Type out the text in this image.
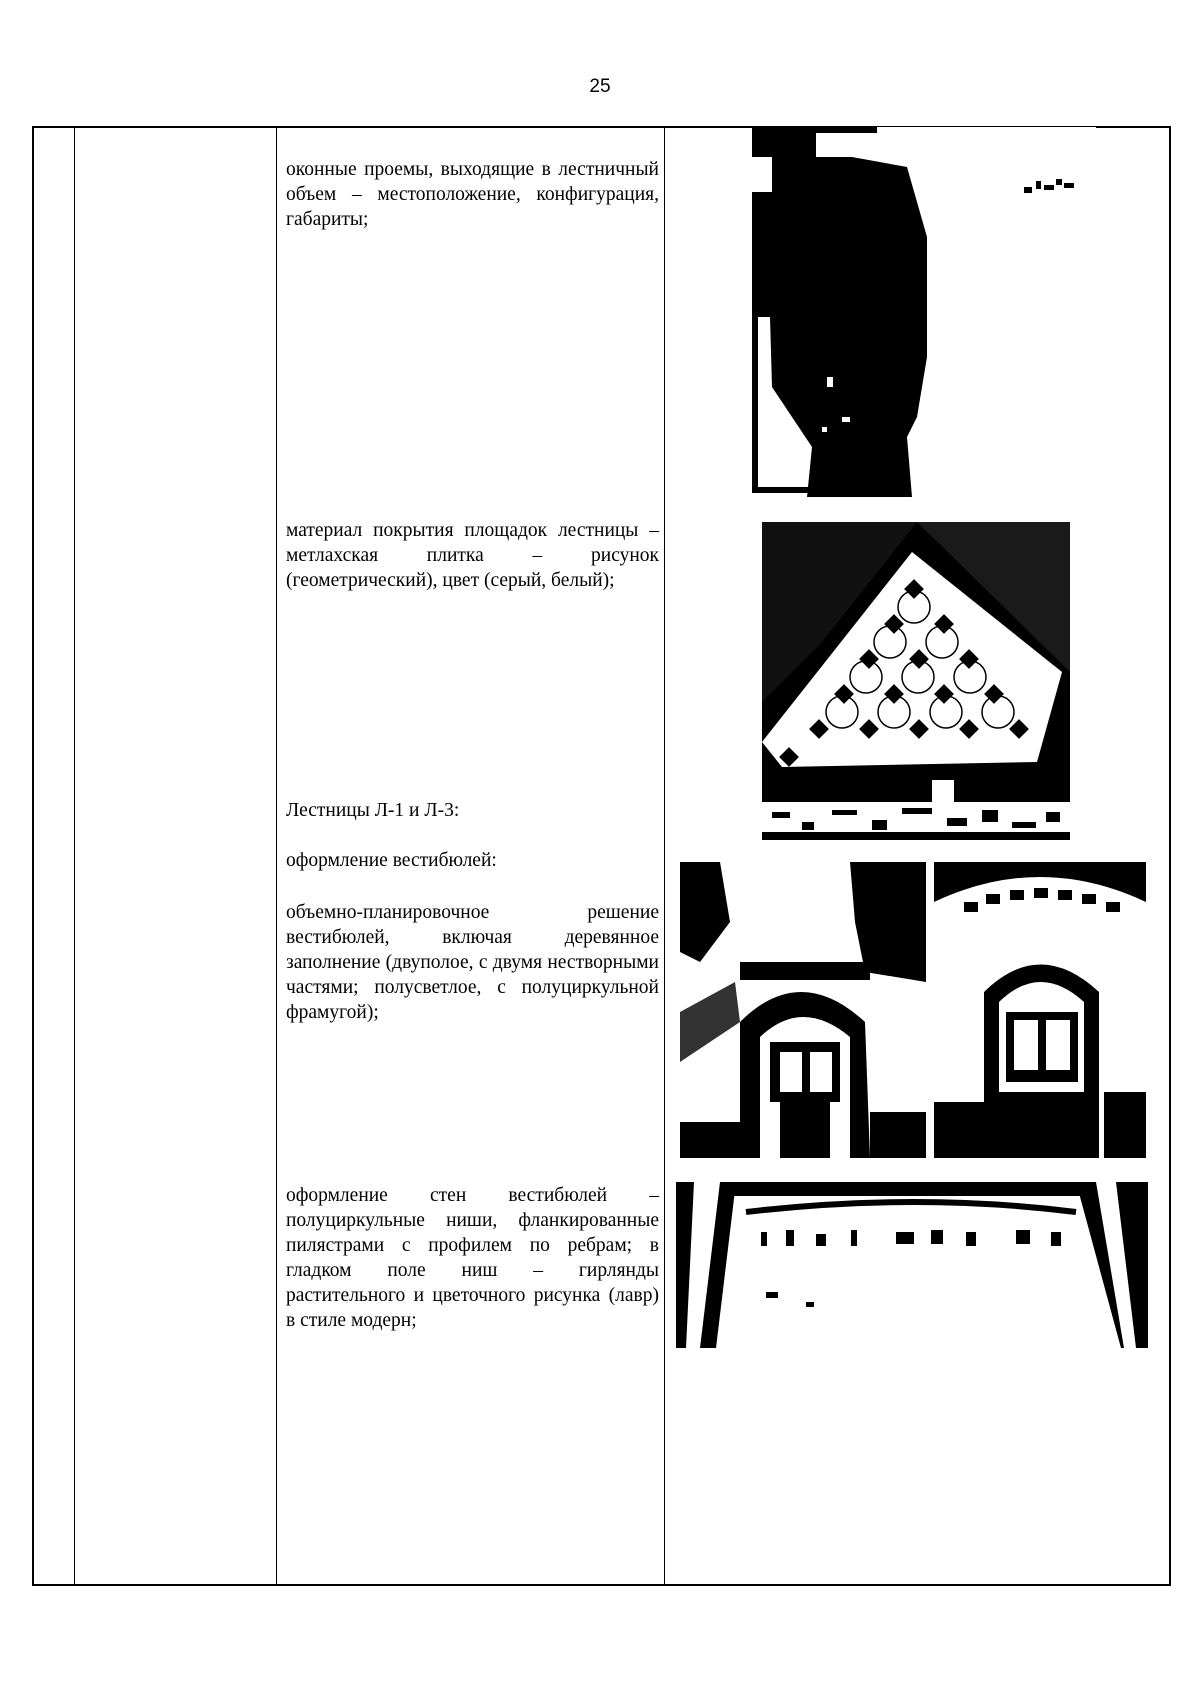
25
оконные проемы, выходящие в лестничный объем – местоположение, конфигурация, габариты;
материал покрытия площадок лестницы – метлахская плитка – рисунок (геометрический), цвет (серый, белый);
Лестницы Л-1 и Л-3:
оформление вестибюлей:
объемно-планировочное решение вестибюлей, включая деревянное заполнение (двуполое, с двумя нестворными частями; полусветлое, с полуциркульной фрамугой);
оформление стен вестибюлей – полуциркульные ниши, фланкированные пилястрами с профилем по ребрам; в гладком поле ниш – гирлянды растительного и цветочного рисунка (лавр) в стиле модерн;
